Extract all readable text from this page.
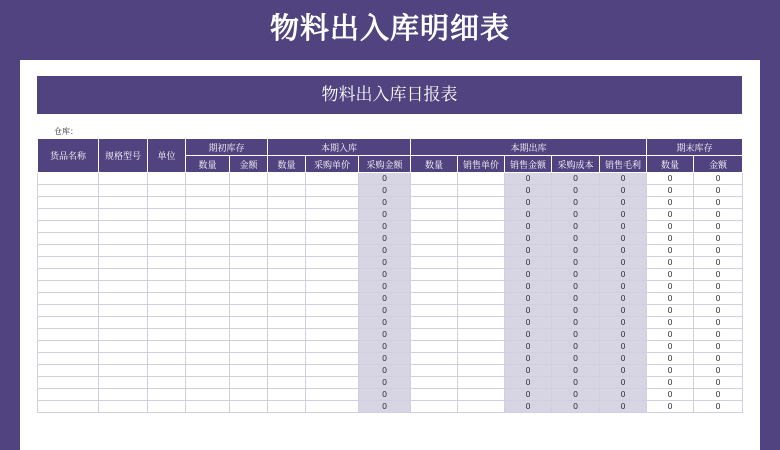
物料出入库明细表
物料出入库日报表
仓库：
货品名称	规格型号	单位	期初库存		本期入库			本期出库					期末库存	
			数量	金额	数量	采购单价	采购金额	数量	销售单价	销售金额	采购成本	销售毛利	数量	金额
							0			0	0	0	0	0
							0			0	0	0	0	0
							0			0	0	0	0	0
							0			0	0	0	0	0
							0			0	0	0	0	0
							0			0	0	0	0	0
							0			0	0	0	0	0
							0			0	0	0	0	0
							0			0	0	0	0	0
							0			0	0	0	0	0
							0			0	0	0	0	0
							0			0	0	0	0	0
							0			0	0	0	0	0
							0			0	0	0	0	0
							0			0	0	0	0	0
							0			0	0	0	0	0
							0			0	0	0	0	0
							0			0	0	0	0	0
							0			0	0	0	0	0
							0			0	0	0	0	0
